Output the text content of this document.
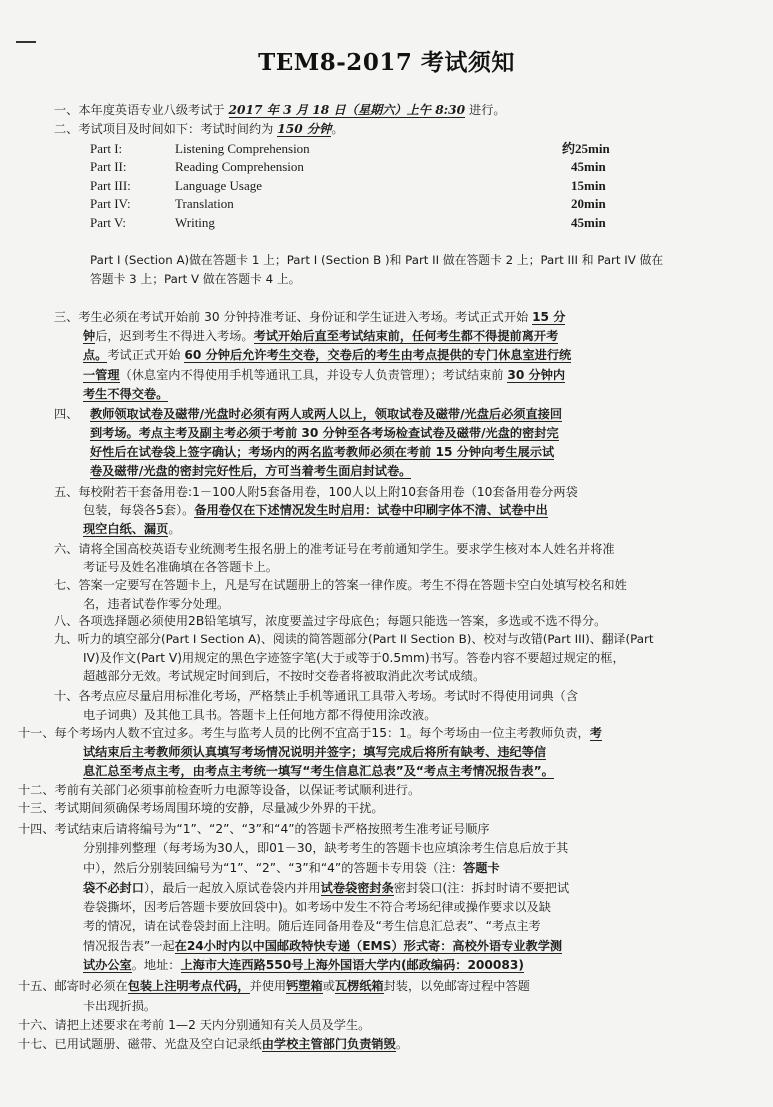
TEM8-2017 考试须知
一、本年度英语专业八级考试于 2017 年 3 月 18 日（星期六）上午 8:30 进行。
二、考试项目及时间如下：考试时间约为 150 分钟。
Part I:	Listening Comprehension	约25min
Part II:	Reading Comprehension	45min
Part III:	Language Usage	15min
Part IV:	Translation	20min
Part V:	Writing	45min
Part I (Section A)做在答题卡 1 上；Part I (Section B )和 Part II 做在答题卡 2 上；Part III 和 Part IV 做在
答题卡 3 上；Part V 做在答题卡 4 上。
三、考生必须在考试开始前 30 分钟持准考证、身份证和学生证进入考场。考试正式开始 15 分
钟后，迟到考生不得进入考场。考试开始后直至考试结束前，任何考生都不得提前离开考
点。考试正式开始 60 分钟后允许考生交卷，交卷后的考生由考点提供的专门休息室进行统
一管理（休息室内不得使用手机等通讯工具，并设专人负责管理）；考试结束前 30 分钟内
考生不得交卷。
四、 教师领取试卷及磁带/光盘时必须有两人或两人以上，领取试卷及磁带/光盘后必须直接回
到考场。考点主考及副主考必须于考前 30 分钟至各考场检查试卷及磁带/光盘的密封完
好性后在试卷袋上签字确认；考场内的两名监考教师必须在考前 15 分钟向考生展示试
卷及磁带/光盘的密封完好性后，方可当着考生面启封试卷。
五、每校附若干套备用卷:1－100人附5套备用卷，100人以上附10套备用卷（10套备用卷分两袋
包装，每袋各5套）。备用卷仅在下述情况发生时启用：试卷中印刷字体不清、试卷中出
现空白纸、漏页。
六、请将全国高校英语专业统测考生报名册上的准考证号在考前通知学生。要求学生核对本人姓名并将准
考证号及姓名准确填在各答题卡上。
七、答案一定要写在答题卡上，凡是写在试题册上的答案一律作废。考生不得在答题卡空白处填写校名和姓
名，违者试卷作零分处理。
八、各项选择题必须使用2B铅笔填写，浓度要盖过字母底色；每题只能选一答案，多选或不选不得分。
九、听力的填空部分(Part I Section A)、阅读的简答题部分(Part II Section B)、校对与改错(Part III)、翻译(Part
IV)及作文(Part V)用规定的黑色字迹签字笔(大于或等于0.5mm)书写。答卷内容不要超过规定的框，
超越部分无效。考试规定时间到后，不按时交卷者将被取消此次考试成绩。
十、各考点应尽量启用标准化考场，严格禁止手机等通讯工具带入考场。考试时不得使用词典（含
电子词典）及其他工具书。答题卡上任何地方都不得使用涂改液。
十一、每个考场内人数不宜过多。考生与监考人员的比例不宜高于15：1。每个考场由一位主考教师负责，考
试结束后主考教师须认真填写考场情况说明并签字；填写完成后将所有缺考、违纪等信
息汇总至考点主考，由考点主考统一填写“考生信息汇总表”及“考点主考情况报告表”。
十二、考前有关部门必须事前检查听力电源等设备，以保证考试顺利进行。
十三、考试期间须确保考场周围环境的安静，尽量减少外界的干扰。
十四、考试结束后请将编号为“1”、“2”、“3”和“4”的答题卡严格按照考生准考证号顺序
分别排列整理（每考场为30人，即01－30，缺考考生的答题卡也应填涂考生信息后放于其
中），然后分别装回编号为“1”、“2”、“3”和“4”的答题卡专用袋（注：答题卡
袋不必封口），最后一起放入原试卷袋内并用试卷袋密封条密封袋口(注：拆封时请不要把试
卷袋撕坏，因考后答题卡要放回袋中)。如考场中发生不符合考场纪律或操作要求以及缺
考的情况，请在试卷袋封面上注明。随后连同备用卷及“考生信息汇总表”、“考点主考
情况报告表”一起在24小时内以中国邮政特快专递（EMS）形式寄：高校外语专业教学测
试办公室。地址：上海市大连西路550号上海外国语大学内(邮政编码：200083)
十五、邮寄时必须在包装上注明考点代码，并使用钙塑箱或瓦楞纸箱封装，以免邮寄过程中答题
卡出现折损。
十六、请把上述要求在考前 1—2 天内分别通知有关人员及学生。
十七、已用试题册、磁带、光盘及空白记录纸由学校主管部门负责销毁。
